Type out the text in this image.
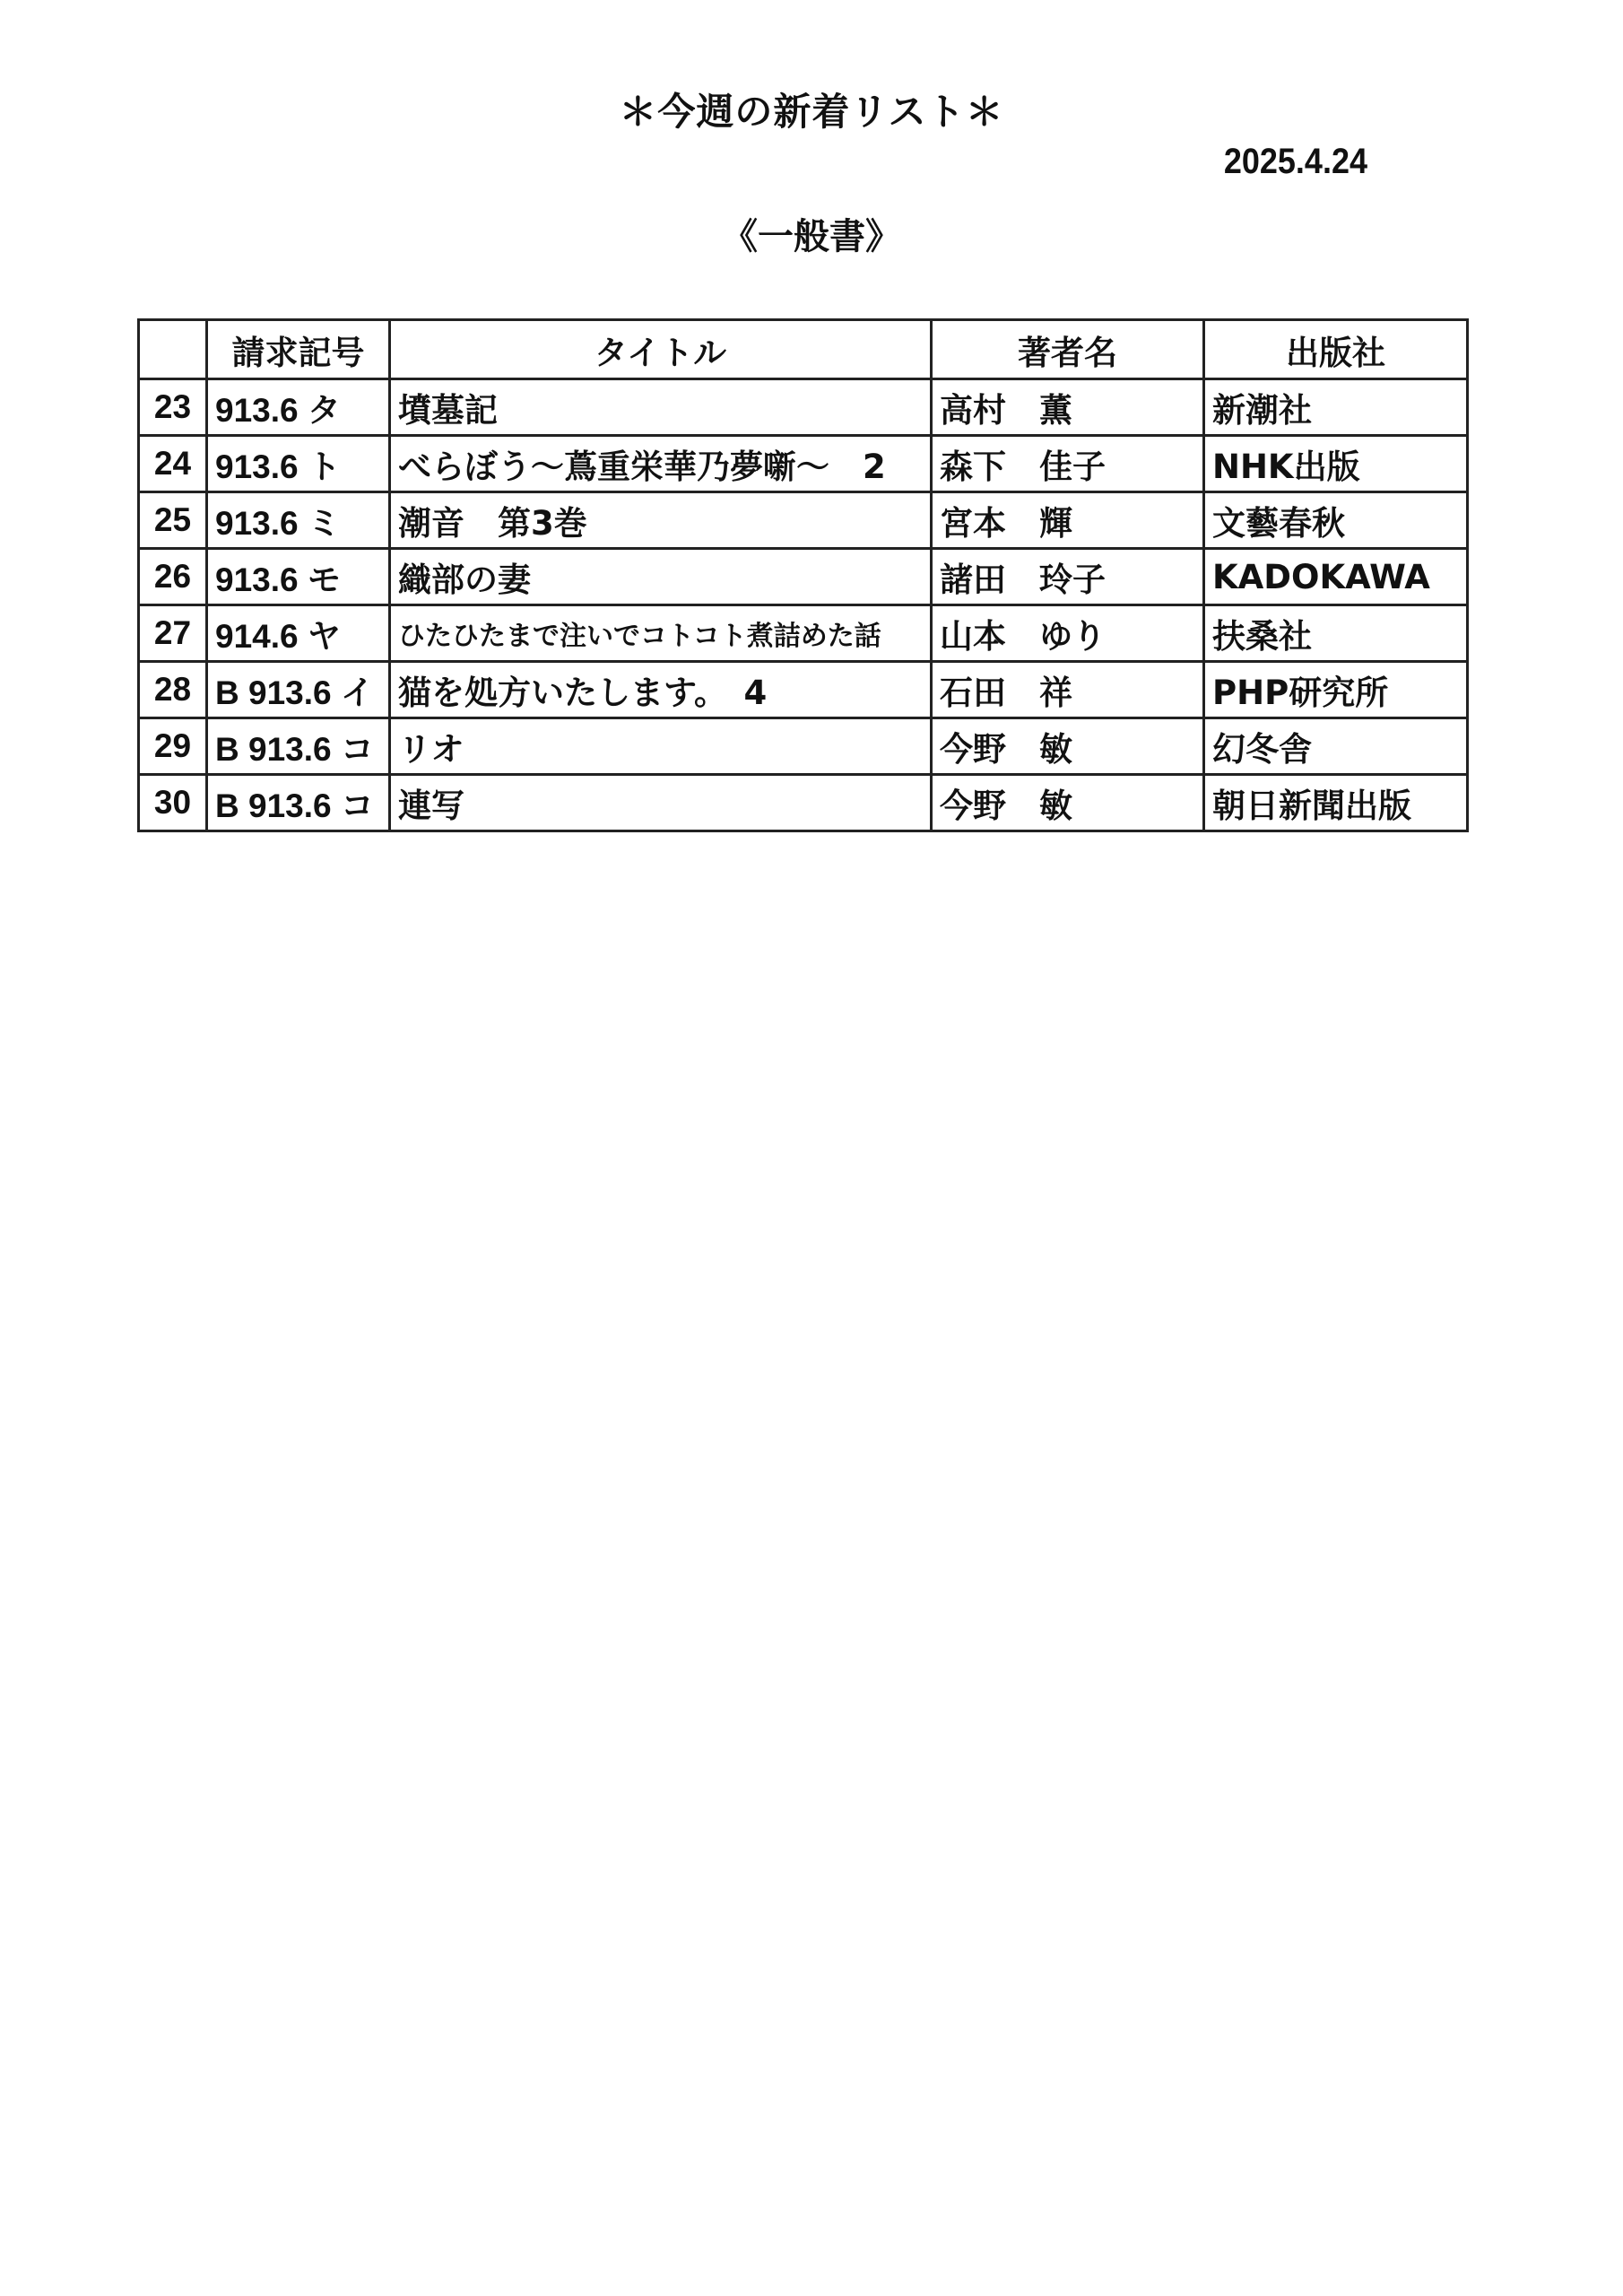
＊今週の新着リスト＊
2025.4.24
《一般書》
	請求記号	タイトル	著者名	出版社
23	913.6 タ	墳墓記	高村　薫	新潮社
24	913.6 ト	べらぼう～蔦重栄華乃夢噺～　2	森下　佳子	NHK出版
25	913.6 ミ	潮音　第3巻	宮本　輝	文藝春秋
26	913.6 モ	織部の妻	諸田　玲子	KADOKAWA
27	914.6 ヤ	ひたひたまで注いでコトコト煮詰めた話	山本　ゆり	扶桑社
28	B 913.6 イ	猫を処方いたします。　4	石田　祥	PHP研究所
29	B 913.6 コ	リオ	今野　敏	幻冬舎
30	B 913.6 コ	連写	今野　敏	朝日新聞出版
